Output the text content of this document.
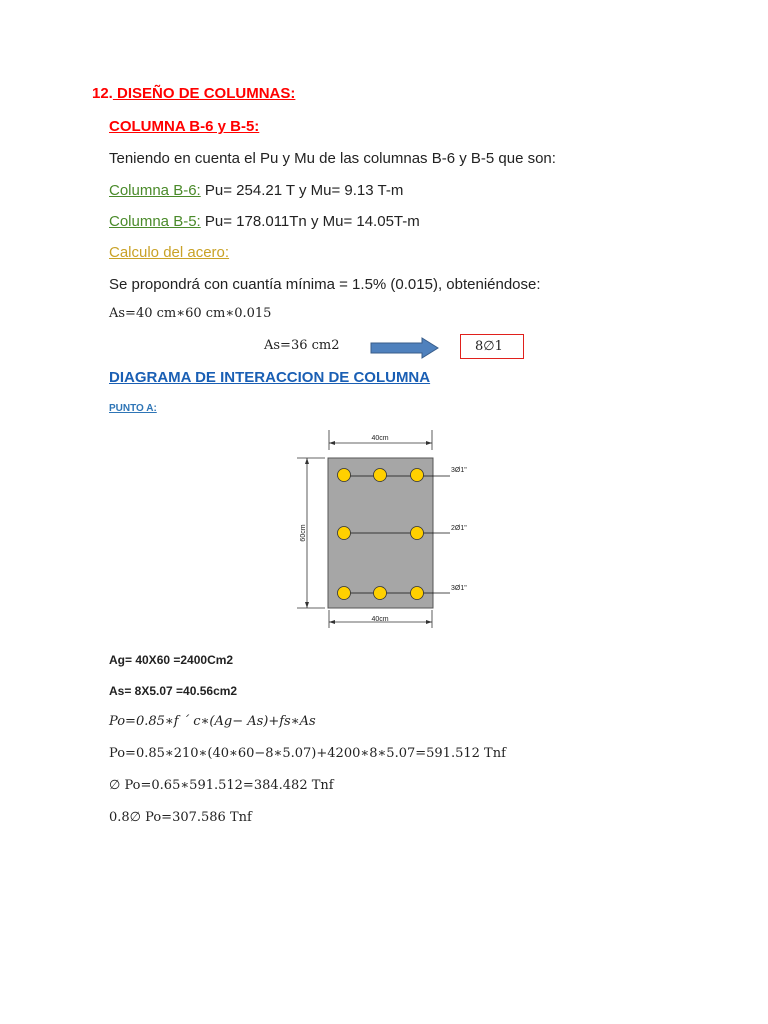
12. DISEÑO DE COLUMNAS:
COLUMNA B-6 y B-5:
Teniendo en cuenta el Pu y Mu de las columnas B-6 y B-5 que son:
Columna B-6: Pu= 254.21 T y Mu= 9.13 T-m
Columna B-5: Pu= 178.011Tn y Mu= 14.05T-m
Calculo del acero:
Se propondrá con cuantía mínima = 1.5% (0.015), obteniéndose:
As=40 cm∗60 cm∗0.015
As=36 cm2	8∅1
DIAGRAMA DE INTERACCION DE COLUMNA
PUNTO A:
40cm
40cm
60cm
3Ø1"
2Ø1"
3Ø1"
Ag= 40X60 =2400Cm2
As= 8X5.07 =40.56cm2
Po=0.85∗f ´ c∗(Ag− As)+fs∗As
Po=0.85∗210∗(40∗60−8∗5.07)+4200∗8∗5.07=591.512 Tnf
∅ Po=0.65∗591.512=384.482 Tnf
0.8∅ Po=307.586 Tnf
